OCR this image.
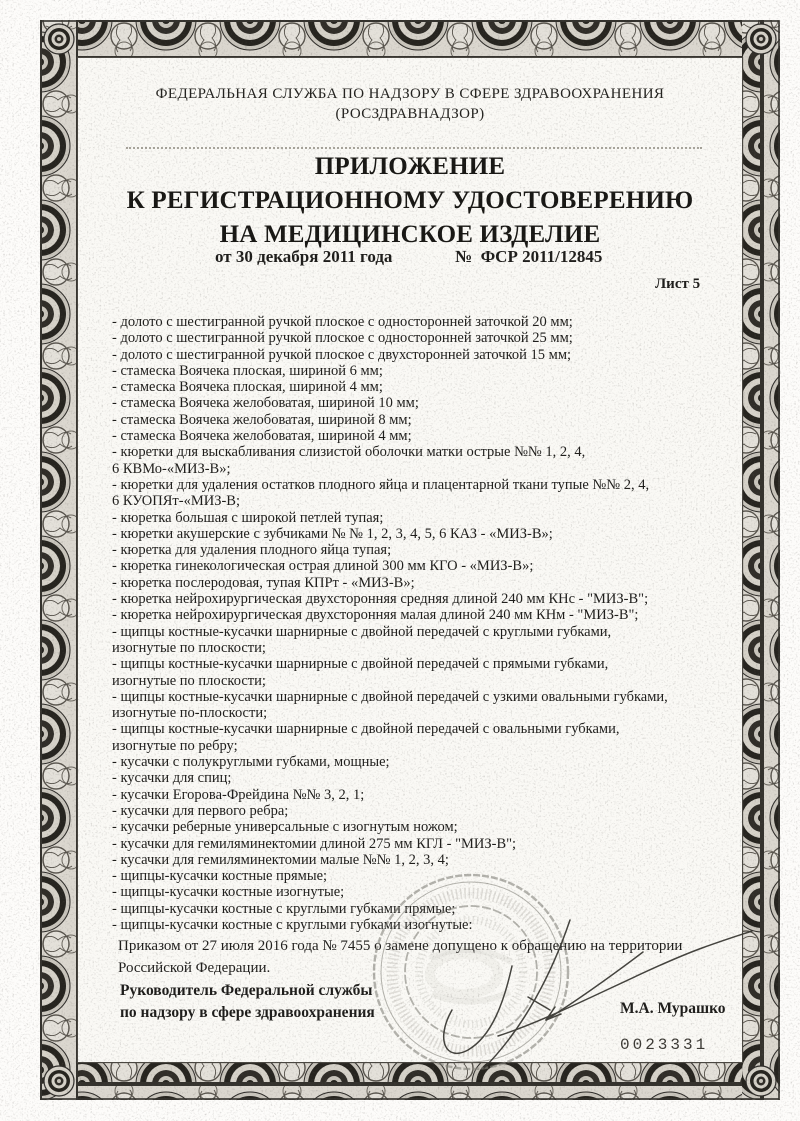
ФЕДЕРАЛЬНАЯ СЛУЖБА ПО НАДЗОРУ В СФЕРЕ ЗДРАВООХРАНЕНИЯ
(РОСЗДРАВНАДЗОР)
ПРИЛОЖЕНИЕ
К РЕГИСТРАЦИОННОМУ УДОСТОВЕРЕНИЮ
НА МЕДИЦИНСКОЕ ИЗДЕЛИЕ
от 30 декабря 2011 года	№  ФСР 2011/12845
Лист 5
- долото с шестигранной ручкой плоское с односторонней заточкой 20 мм;
- долото с шестигранной ручкой плоское с односторонней заточкой 25 мм;
- долото с шестигранной ручкой плоское с двухсторонней заточкой 15 мм;
- стамеска Воячека плоская, шириной 6 мм;
- стамеска Воячека плоская, шириной 4 мм;
- стамеска Воячека желобоватая, шириной 10 мм;
- стамеска Воячека желобоватая, шириной 8 мм;
- стамеска Воячека желобоватая, шириной 4 мм;
- кюретки для выскабливания слизистой оболочки матки острые №№ 1, 2, 4,
6 КВМо-«МИЗ-В»;
- кюретки для удаления остатков плодного яйца и плацентарной ткани тупые №№ 2, 4,
6 КУОПЯт-«МИЗ-В;
- кюретка большая с широкой петлей тупая;
- кюретки акушерские с зубчиками № № 1, 2, 3, 4, 5, 6 КАЗ - «МИЗ-В»;
- кюретка для удаления плодного яйца тупая;
- кюретка гинекологическая острая длиной 300 мм КГО - «МИЗ-В»;
- кюретка послеродовая, тупая КПРт - «МИЗ-В»;
- кюретка нейрохирургическая двухсторонняя средняя длиной 240 мм КНс - "МИЗ-В";
- кюретка нейрохирургическая двухсторонняя малая длиной 240 мм КНм - "МИЗ-В";
- щипцы костные-кусачки шарнирные с двойной передачей с круглыми губками,
изогнутые по плоскости;
- щипцы костные-кусачки шарнирные с двойной передачей с прямыми губками,
изогнутые по плоскости;
- щипцы костные-кусачки шарнирные с двойной передачей с узкими овальными губками,
изогнутые по-плоскости;
- щипцы костные-кусачки шарнирные с двойной передачей с овальными губками,
изогнутые по ребру;
- кусачки с полукруглыми губками, мощные;
- кусачки для спиц;
- кусачки Егорова-Фрейдина №№ 3, 2, 1;
- кусачки для первого ребра;
- кусачки реберные универсальные с изогнутым ножом;
- кусачки для гемиляминектомии длиной 275 мм КГЛ - "МИЗ-В";
- кусачки для гемиляминектомии малые №№ 1, 2, 3, 4;
- щипцы-кусачки костные прямые;
- щипцы-кусачки костные изогнутые;
- щипцы-кусачки костные с круглыми губками прямые;
- щипцы-кусачки костные с круглыми губками изогнутые:
Приказом от 27 июля 2016 года № 7455 о замене допущено к обращению на территории
Российской Федерации.
Руководитель Федеральной службы
по надзору в сфере здравоохранения	М.А. Мурашко
0023331
